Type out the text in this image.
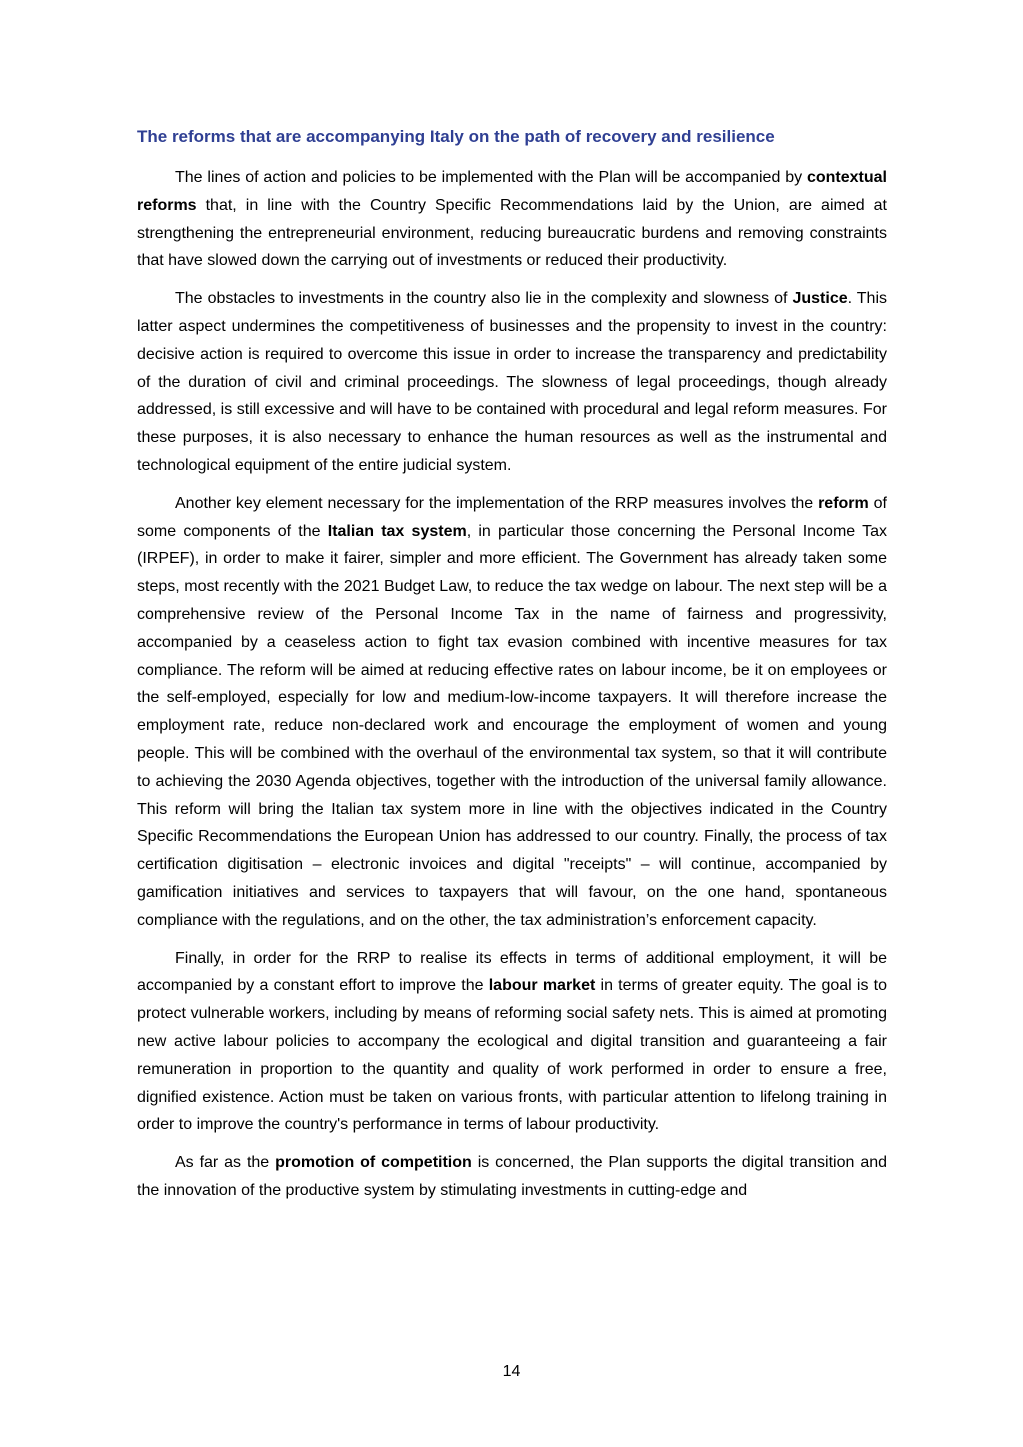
The reforms that are accompanying Italy on the path of recovery and resilience

The lines of action and policies to be implemented with the Plan will be accompanied by contextual reforms that, in line with the Country Specific Recommendations laid by the Union, are aimed at strengthening the entrepreneurial environment, reducing bureaucratic burdens and removing constraints that have slowed down the carrying out of investments or reduced their productivity.

The obstacles to investments in the country also lie in the complexity and slowness of Justice. This latter aspect undermines the competitiveness of businesses and the propensity to invest in the country: decisive action is required to overcome this issue in order to increase the transparency and predictability of the duration of civil and criminal proceedings. The slowness of legal proceedings, though already addressed, is still excessive and will have to be contained with procedural and legal reform measures. For these purposes, it is also necessary to enhance the human resources as well as the instrumental and technological equipment of the entire judicial system.

Another key element necessary for the implementation of the RRP measures involves the reform of some components of the Italian tax system, in particular those concerning the Personal Income Tax (IRPEF), in order to make it fairer, simpler and more efficient. The Government has already taken some steps, most recently with the 2021 Budget Law, to reduce the tax wedge on labour. The next step will be a comprehensive review of the Personal Income Tax in the name of fairness and progressivity, accompanied by a ceaseless action to fight tax evasion combined with incentive measures for tax compliance. The reform will be aimed at reducing effective rates on labour income, be it on employees or the self-employed, especially for low and medium-low-income taxpayers. It will therefore increase the employment rate, reduce non-declared work and encourage the employment of women and young people. This will be combined with the overhaul of the environmental tax system, so that it will contribute to achieving the 2030 Agenda objectives, together with the introduction of the universal family allowance. This reform will bring the Italian tax system more in line with the objectives indicated in the Country Specific Recommendations the European Union has addressed to our country. Finally, the process of tax certification digitisation – electronic invoices and digital "receipts" – will continue, accompanied by gamification initiatives and services to taxpayers that will favour, on the one hand, spontaneous compliance with the regulations, and on the other, the tax administration’s enforcement capacity.

Finally, in order for the RRP to realise its effects in terms of additional employment, it will be accompanied by a constant effort to improve the labour market in terms of greater equity. The goal is to protect vulnerable workers, including by means of reforming social safety nets. This is aimed at promoting new active labour policies to accompany the ecological and digital transition and guaranteeing a fair remuneration in proportion to the quantity and quality of work performed in order to ensure a free, dignified existence. Action must be taken on various fronts, with particular attention to lifelong training in order to improve the country's performance in terms of labour productivity.

As far as the promotion of competition is concerned, the Plan supports the digital transition and the innovation of the productive system by stimulating investments in cutting-edge and

14
